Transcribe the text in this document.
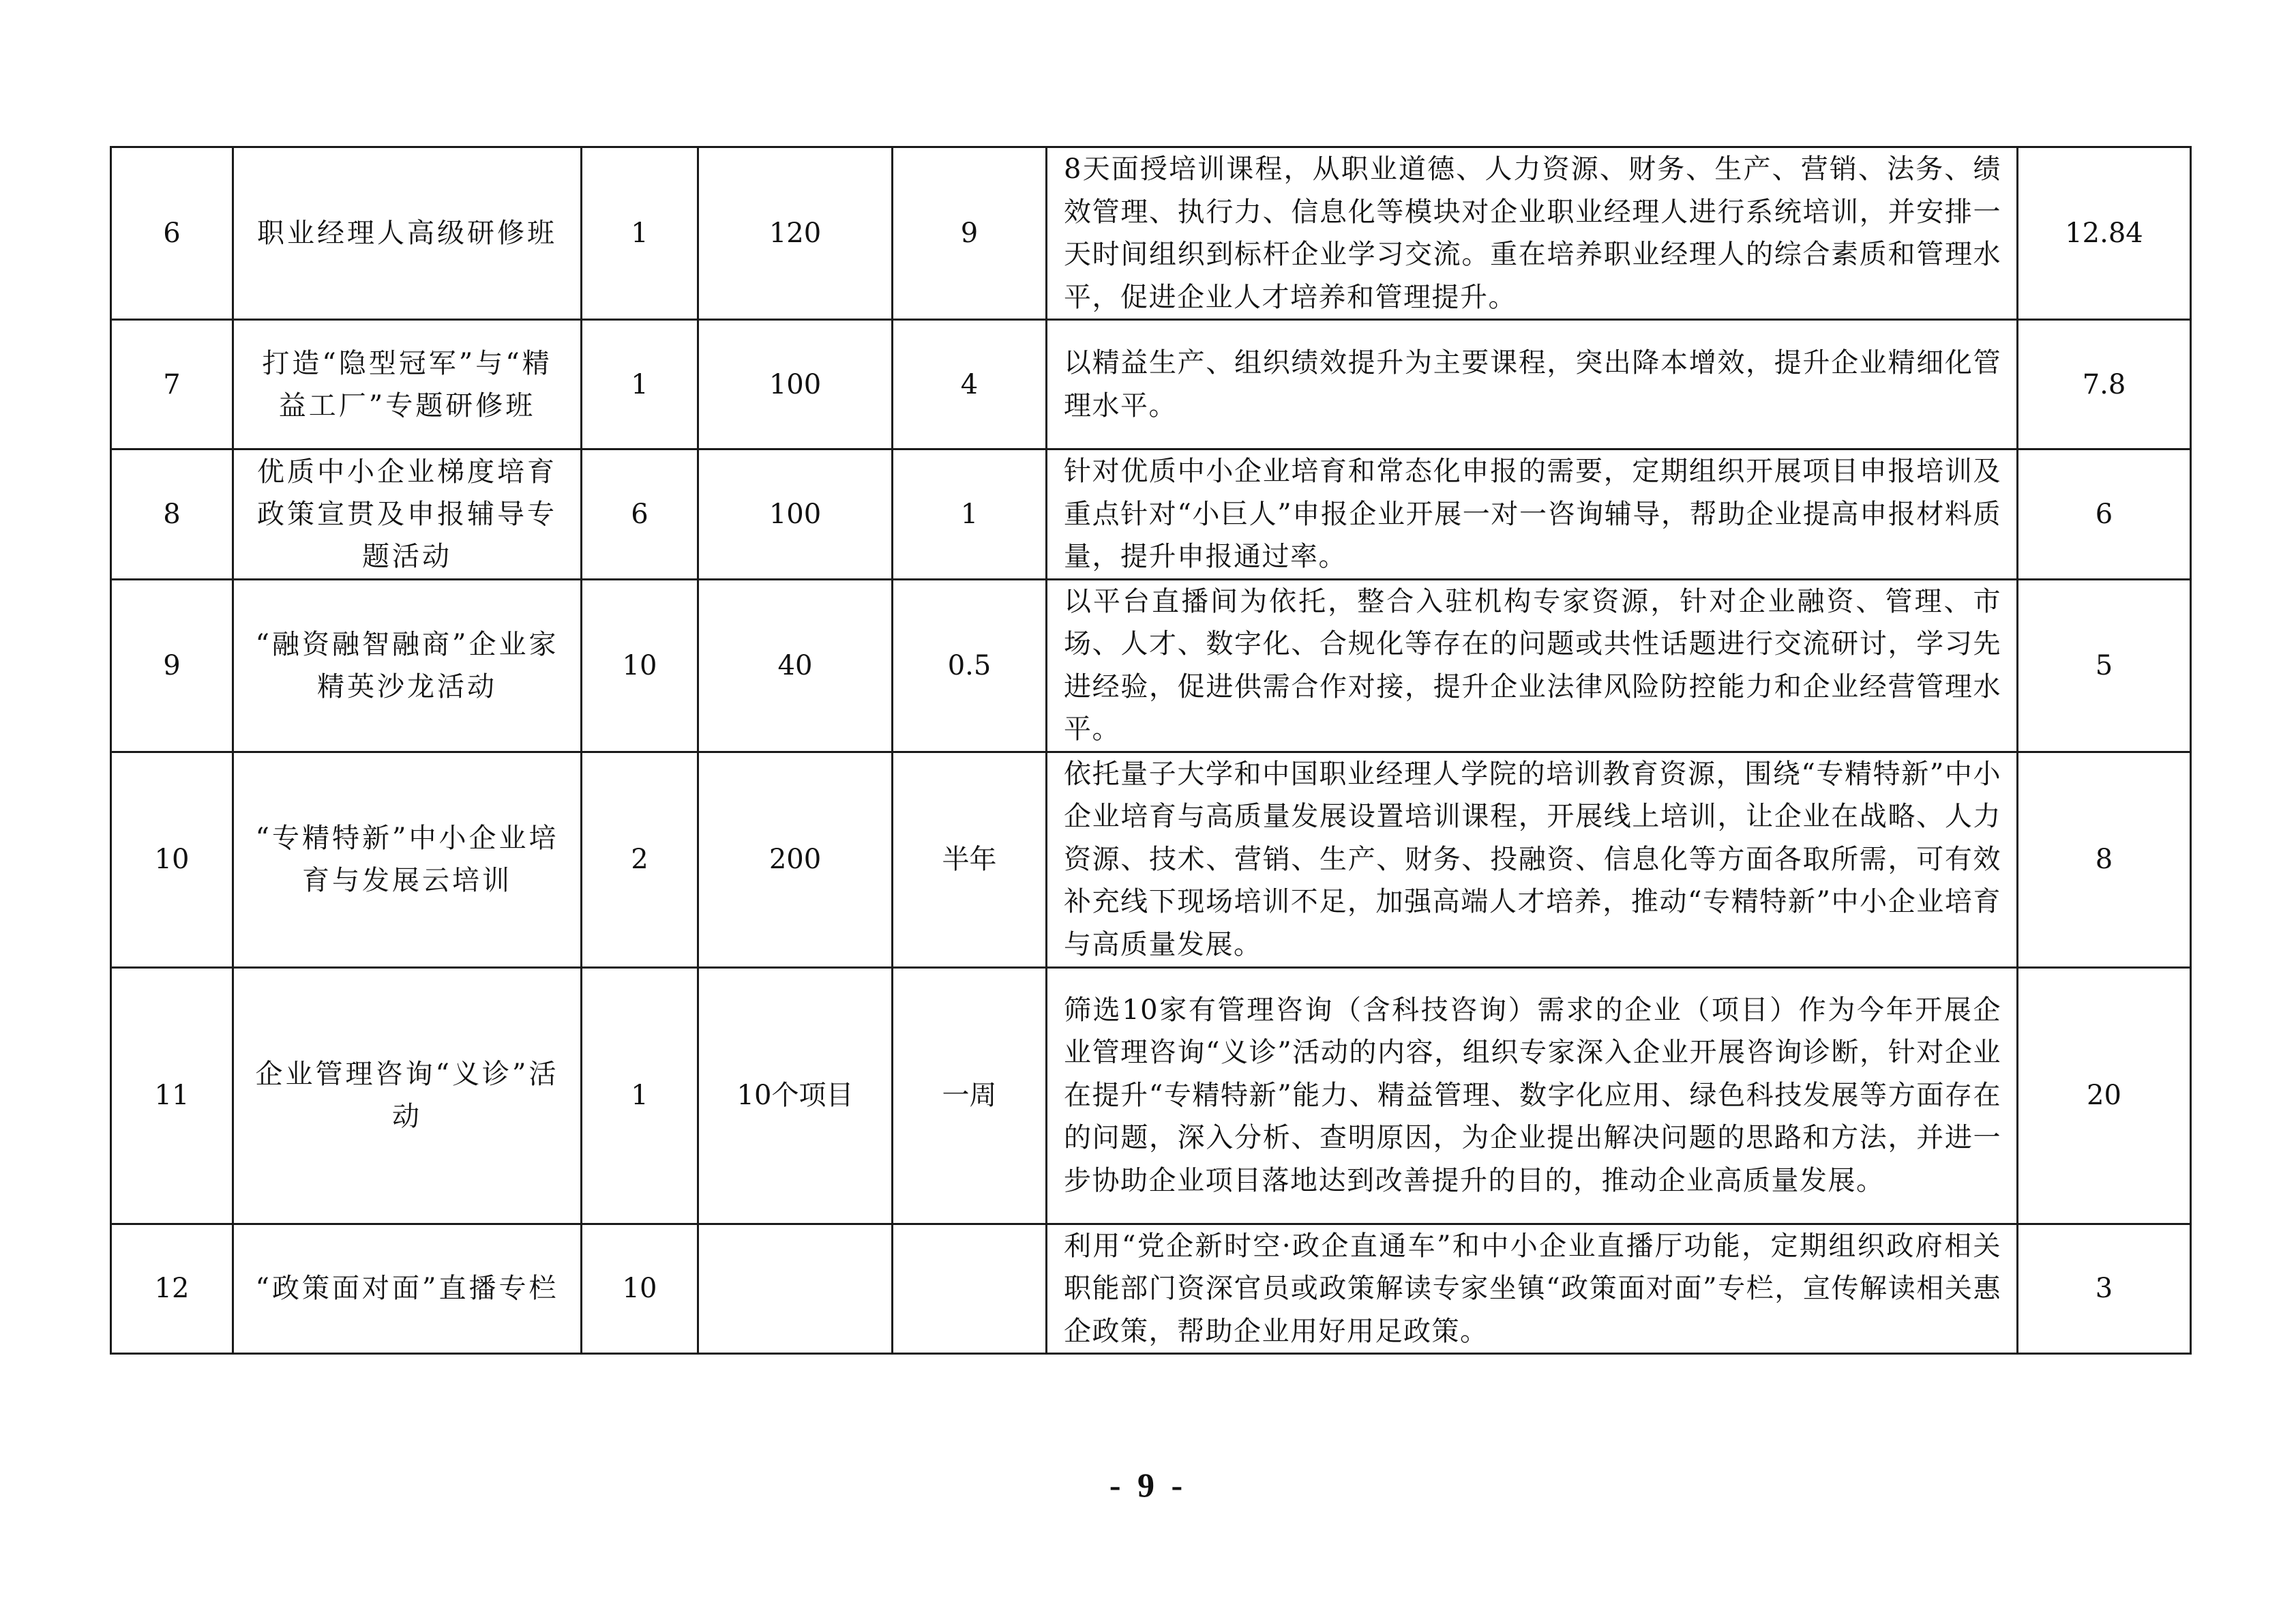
6	职业经理人高级研修班	1	120	9	8天面授培训课程，从职业道德、人力资源、财务、生产、营销、法务、绩效管理、执行力、信息化等模块对企业职业经理人进行系统培训，并安排一天时间组织到标杆企业学习交流。重在培养职业经理人的综合素质和管理水平，促进企业人才培养和管理提升。	12.84
7	打造“隐型冠军”与“精益工厂”专题研修班	1	100	4	以精益生产、组织绩效提升为主要课程，突出降本增效，提升企业精细化管理水平。	7.8
8	优质中小企业梯度培育政策宣贯及申报辅导专题活动	6	100	1	针对优质中小企业培育和常态化申报的需要，定期组织开展项目申报培训及重点针对“小巨人”申报企业开展一对一咨询辅导，帮助企业提高申报材料质量，提升申报通过率。	6
9	“融资融智融商”企业家精英沙龙活动	10	40	0.5	以平台直播间为依托，整合入驻机构专家资源，针对企业融资、管理、市场、人才、数字化、合规化等存在的问题或共性话题进行交流研讨，学习先进经验，促进供需合作对接，提升企业法律风险防控能力和企业经营管理水平。	5
10	“专精特新”中小企业培育与发展云培训	2	200	半年	依托量子大学和中国职业经理人学院的培训教育资源，围绕“专精特新”中小企业培育与高质量发展设置培训课程，开展线上培训，让企业在战略、人力资源、技术、营销、生产、财务、投融资、信息化等方面各取所需，可有效补充线下现场培训不足，加强高端人才培养，推动“专精特新”中小企业培育与高质量发展。	8
11	企业管理咨询“义诊”活动	1	10个项目	一周	筛选10家有管理咨询（含科技咨询）需求的企业（项目）作为今年开展企业管理咨询“义诊”活动的内容，组织专家深入企业开展咨询诊断，针对企业在提升“专精特新”能力、精益管理、数字化应用、绿色科技发展等方面存在的问题，深入分析、查明原因，为企业提出解决问题的思路和方法，并进一步协助企业项目落地达到改善提升的目的，推动企业高质量发展。	20
12	“政策面对面”直播专栏	10			利用“党企新时空·政企直通车”和中小企业直播厅功能，定期组织政府相关职能部门资深官员或政策解读专家坐镇“政策面对面”专栏，宣传解读相关惠企政策，帮助企业用好用足政策。	3
- 9 -
